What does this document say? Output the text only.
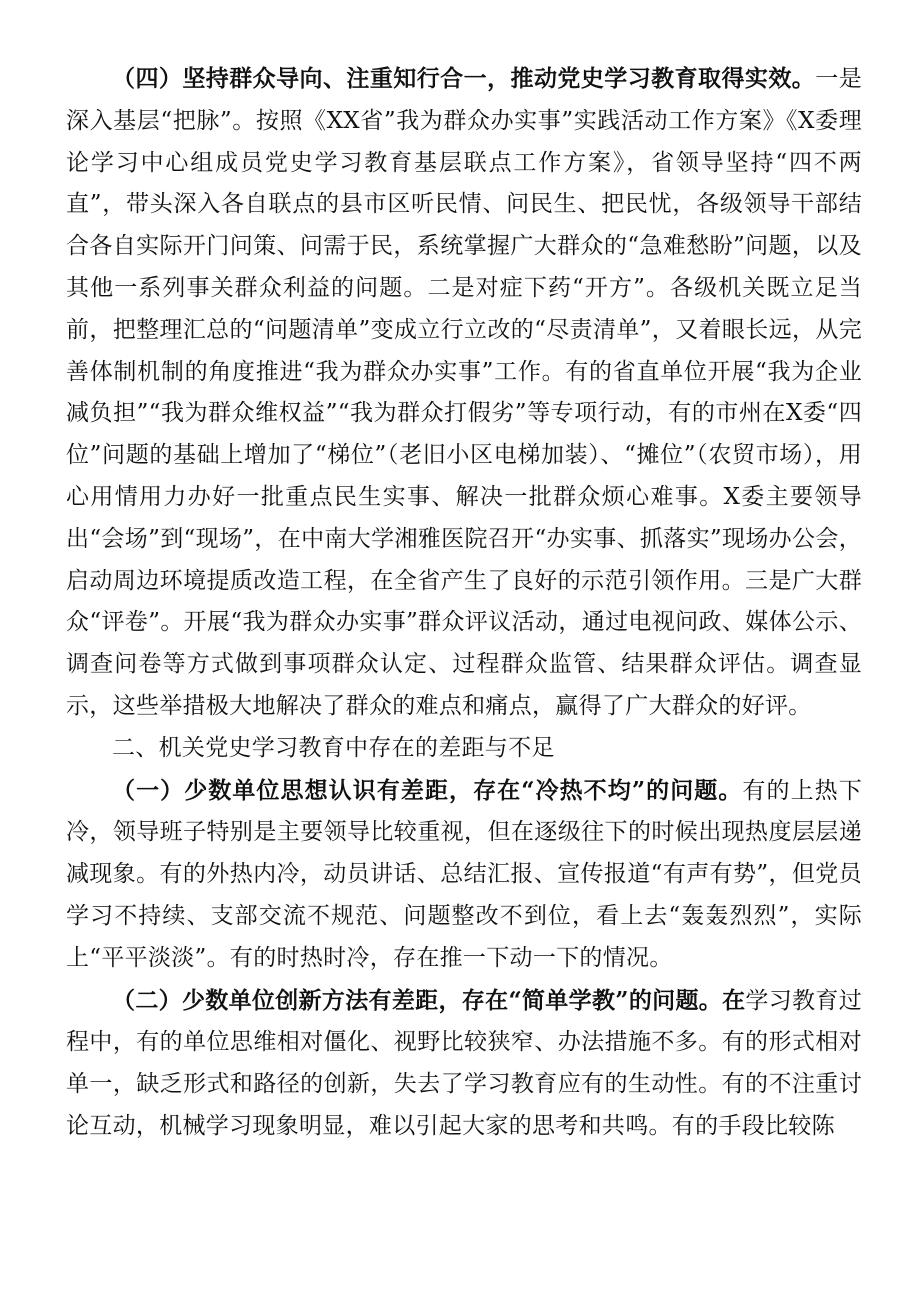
（四）坚持群众导向、注重知行合一，推动党史学习教育取得实效。一是深入基层“把脉”。按照《XX省”我为群众办实事”实践活动工作方案》《X委理论学习中心组成员党史学习教育基层联点工作方案》，省领导坚持“四不两直”，带头深入各自联点的县市区听民情、问民生、把民忧，各级领导干部结合各自实际开门问策、问需于民，系统掌握广大群众的“急难愁盼”问题，以及其他一系列事关群众利益的问题。二是对症下药“开方”。各级机关既立足当前，把整理汇总的“问题清单”变成立行立改的“尽责清单”，又着眼长远，从完善体制机制的角度推进“我为群众办实事”工作。有的省直单位开展“我为企业减负担”“我为群众维权益”“我为群众打假劣”等专项行动，有的市州在X委“四位”问题的基础上增加了“梯位”（老旧小区电梯加装）、“摊位”（农贸市场），用心用情用力办好一批重点民生实事、解决一批群众烦心难事。X委主要领导出“会场”到“现场”，在中南大学湘雅医院召开“办实事、抓落实”现场办公会，启动周边环境提质改造工程，在全省产生了良好的示范引领作用。三是广大群众“评卷”。开展“我为群众办实事”群众评议活动，通过电视问政、媒体公示、调查问卷等方式做到事项群众认定、过程群众监管、结果群众评估。调查显示，这些举措极大地解决了群众的难点和痛点，赢得了广大群众的好评。

二、机关党史学习教育中存在的差距与不足

（一）少数单位思想认识有差距，存在“冷热不均”的问题。有的上热下冷，领导班子特别是主要领导比较重视，但在逐级往下的时候出现热度层层递减现象。有的外热内冷，动员讲话、总结汇报、宣传报道“有声有势”，但党员学习不持续、支部交流不规范、问题整改不到位，看上去“轰轰烈烈”，实际上“平平淡淡”。有的时热时冷，存在推一下动一下的情况。

（二）少数单位创新方法有差距，存在“简单学教”的问题。在学习教育过程中，有的单位思维相对僵化、视野比较狭窄、办法措施不多。有的形式相对单一，缺乏形式和路径的创新，失去了学习教育应有的生动性。有的不注重讨论互动，机械学习现象明显，难以引起大家的思考和共鸣。有的手段比较陈
